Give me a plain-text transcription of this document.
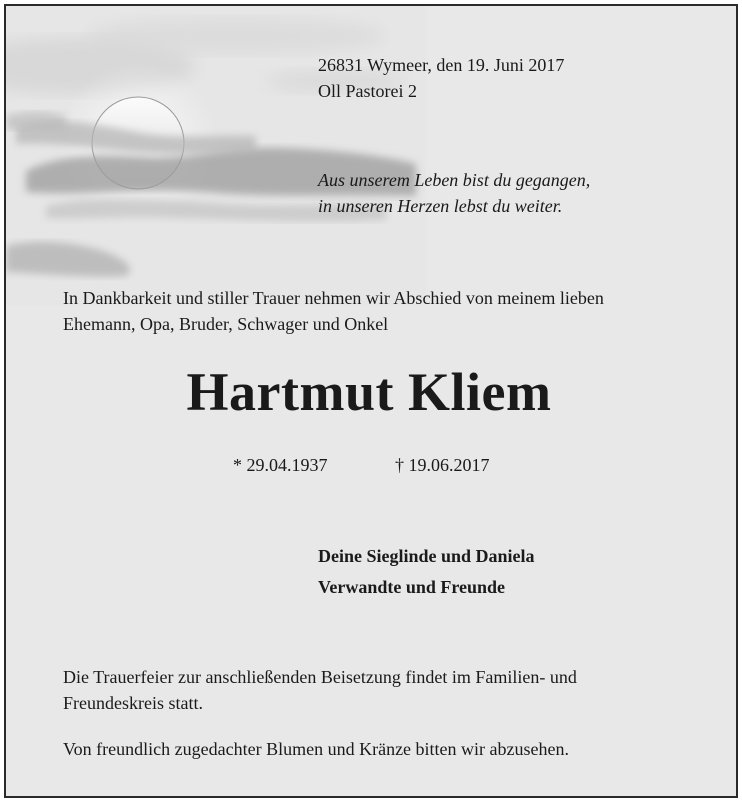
26831 Wymeer, den 19. Juni 2017
Oll Pastorei 2
Aus unserem Leben bist du gegangen,
in unseren Herzen lebst du weiter.
In Dankbarkeit und stiller Trauer nehmen wir Abschied von meinem lieben
Ehemann, Opa, Bruder, Schwager und Onkel
Hartmut Kliem
* 29.04.1937	† 19.06.2017
Deine Sieglinde und Daniela
Verwandte und Freunde
Die Trauerfeier zur anschließenden Beisetzung findet im Familien- und
Freundeskreis statt.
Von freundlich zugedachter Blumen und Kränze bitten wir abzusehen.
